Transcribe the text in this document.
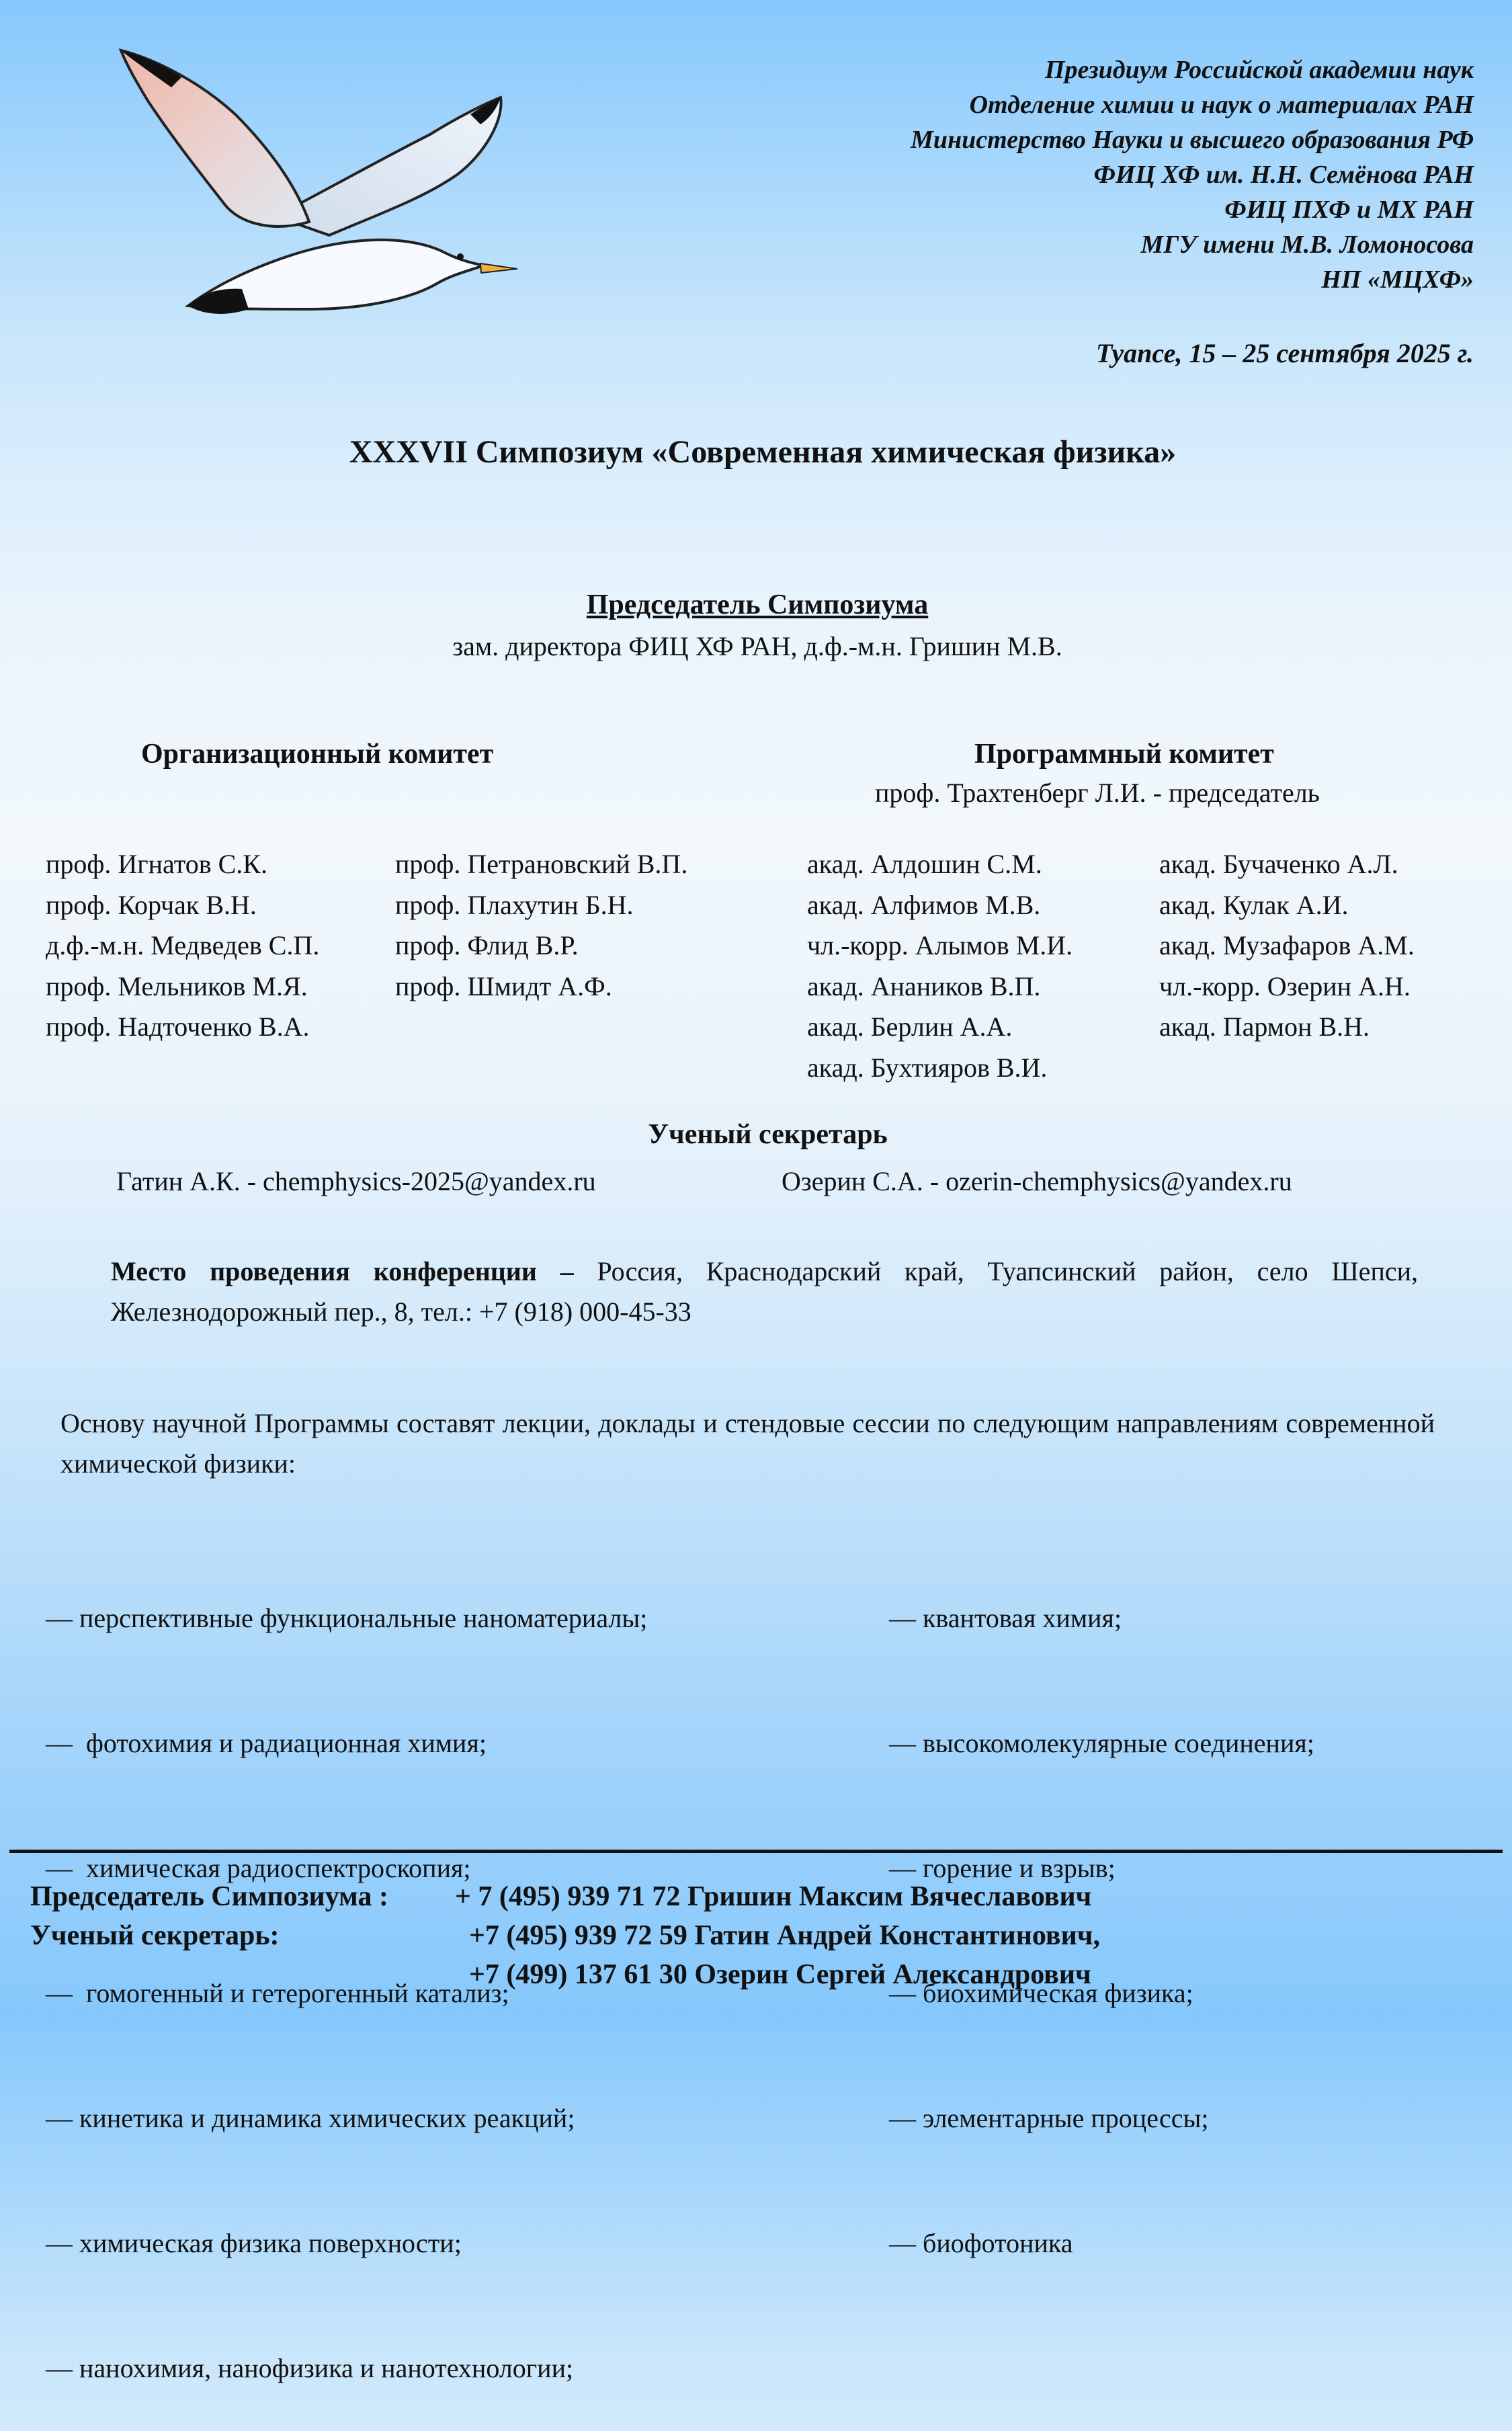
Президиум Российской академии наук
Отделение химии и наук о материалах РАН
Министерство Науки и высшего образования РФ
ФИЦ ХФ им. Н.Н. Семёнова РАН
ФИЦ ПХФ и МХ РАН
МГУ имени М.В. Ломоносова
НП «МЦХФ»
Туапсе, 15 – 25 сентября 2025 г.
XXXVII Симпозиум «Современная химическая физика»
Председатель Симпозиума
зам. директора ФИЦ ХФ РАН, д.ф.-м.н. Гришин М.В.
Организационный комитет	Программный комитет
проф. Трахтенберг Л.И. - председатель
проф. Игнатов С.К.
проф. Корчак В.Н.
д.ф.-м.н. Медведев С.П.
проф. Мельников М.Я.
проф. Надточенко В.А.
проф. Петрановский В.П.
проф. Плахутин Б.Н.
проф. Флид В.Р.
проф. Шмидт А.Ф.
акад. Алдошин С.М.
акад. Алфимов М.В.
чл.-корр. Алымов М.И.
акад. Анаников В.П.
акад. Берлин А.А.
акад. Бухтияров В.И.
акад. Бучаченко А.Л.
акад. Кулак А.И.
акад. Музафаров А.М.
чл.-корр. Озерин А.Н.
акад. Пармон В.Н.
Ученый секретарь
Гатин А.К. - chemphysics-2025@yandex.ru	Озерин С.А. - ozerin-chemphysics@yandex.ru
Место проведения конференции – Россия, Краснодарский край, Туапсинский район, село Шепси, Железнодорожный пер., 8, тел.: +7 (918) 000-45-33
Основу научной Программы составят лекции, доклады и стендовые сессии по следующим направлениям современной химической физики:

— перспективные функциональные наноматериалы;

—  фотохимия и радиационная химия;

—  химическая радиоспектроскопия;

—  гомогенный и гетерогенный катализ;

— кинетика и динамика химических реакций;

— химическая физика поверхности;

— нанохимия, нанофизика и нанотехнологии;

— квантовая химия;

— высокомолекулярные соединения;

— горение и взрыв;

— биохимическая физика;

— элементарные процессы;

— биофотоника

Председатель Симпозиума : + 7 (495) 939 71 72 Гришин Максим Вячеславович
Ученый секретарь:	+7 (495) 939 72 59 Гатин Андрей Константинович,
+7 (499) 137 61 30 Озерин Сергей Александрович
